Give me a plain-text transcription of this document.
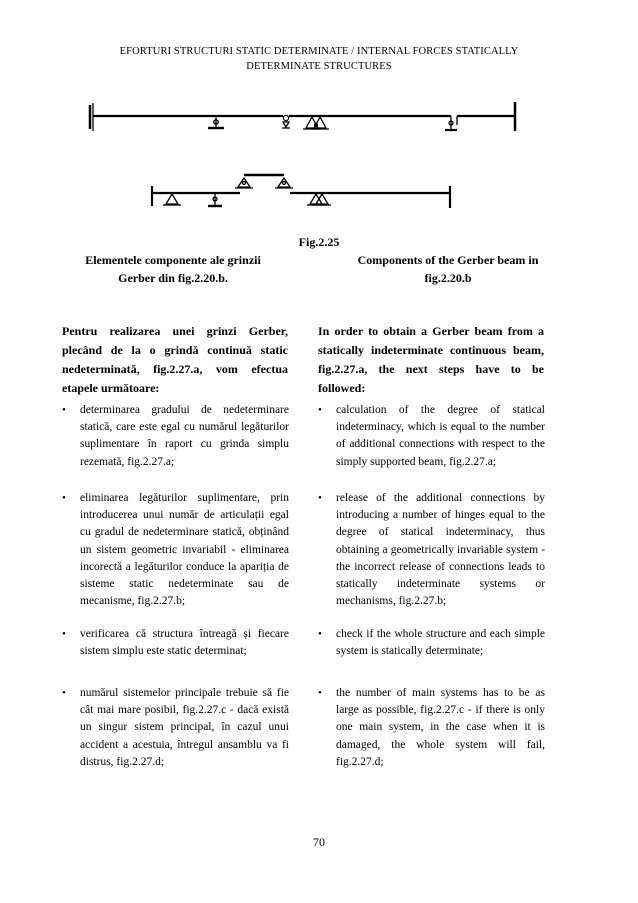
EFORTURI STRUCTURI STATIC DETERMINATE / INTERNAL FORCES STATICALLY
DETERMINATE STRUCTURES
Fig.2.25
Elementele componente ale grinzii
Gerber din fig.2.20.b.
Components of the Gerber beam in
fig.2.20.b
Pentru realizarea unei grinzi Gerber, plecând de la o grindă continuă static nedeterminată, fig.2.27.a, vom efectua etapele următoare:
In order to obtain a Gerber beam from a statically indeterminate continuous beam, fig.2.27.a, the next steps have to be followed:
• determinarea gradului de nedeterminare statică, care este egal cu numărul legăturilor suplimentare în raport cu grinda simplu rezemată, fig.2.27.a;
• eliminarea legăturilor suplimentare, prin introducerea unui număr de articulații egal cu gradul de nedeterminare statică, obținând un sistem geometric invariabil - eliminarea incorectă a legăturilor conduce la apariția de sisteme static nedeterminate sau de mecanisme, fig.2.27.b;
• verificarea că structura întreagă și fiecare sistem simplu este static determinat;
• numărul sistemelor principale trebuie să fie cât mai mare posibil, fig.2.27.c - dacă există un singur sistem principal, în cazul unui accident a acestuia, întregul ansamblu va fi distrus, fig.2.27.d;
• calculation of the degree of statical indeterminacy, which is equal to the number of additional connections with respect to the simply supported beam, fig.2.27.a;
• release of the additional connections by introducing a number of hinges equal to the degree of statical indeterminacy, thus obtaining a geometrically invariable system - the incorrect release of connections leads to statically indeterminate systems or mechanisms, fig.2.27.b;
• check if the whole structure and each simple system is statically determinate;
• the number of main systems has to be as large as possible, fig.2.27.c - if there is only one main system, in the case when it is damaged, the whole system will fail, fig.2.27.d;
70
